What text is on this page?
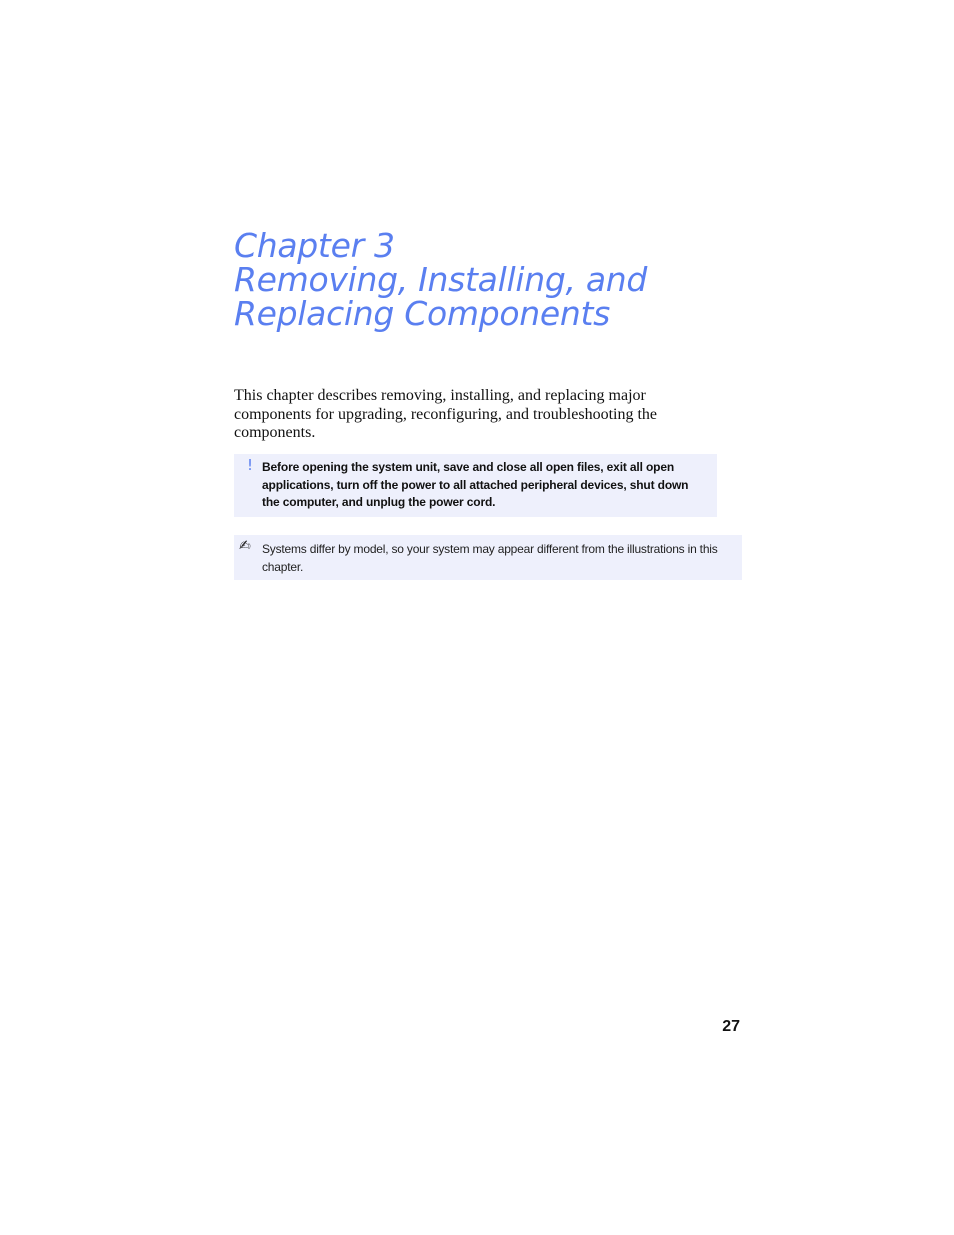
Chapter 3
Removing, Installing, and
Replacing Components

This chapter describes removing, installing, and replacing major components for upgrading, reconfiguring, and troubleshooting the components.

! Before opening the system unit, save and close all open files, exit all open applications, turn off the power to all attached peripheral devices, shut down the computer, and unplug the power cord.

✍ Systems differ by model, so your system may appear different from the illustrations in this chapter.

27
